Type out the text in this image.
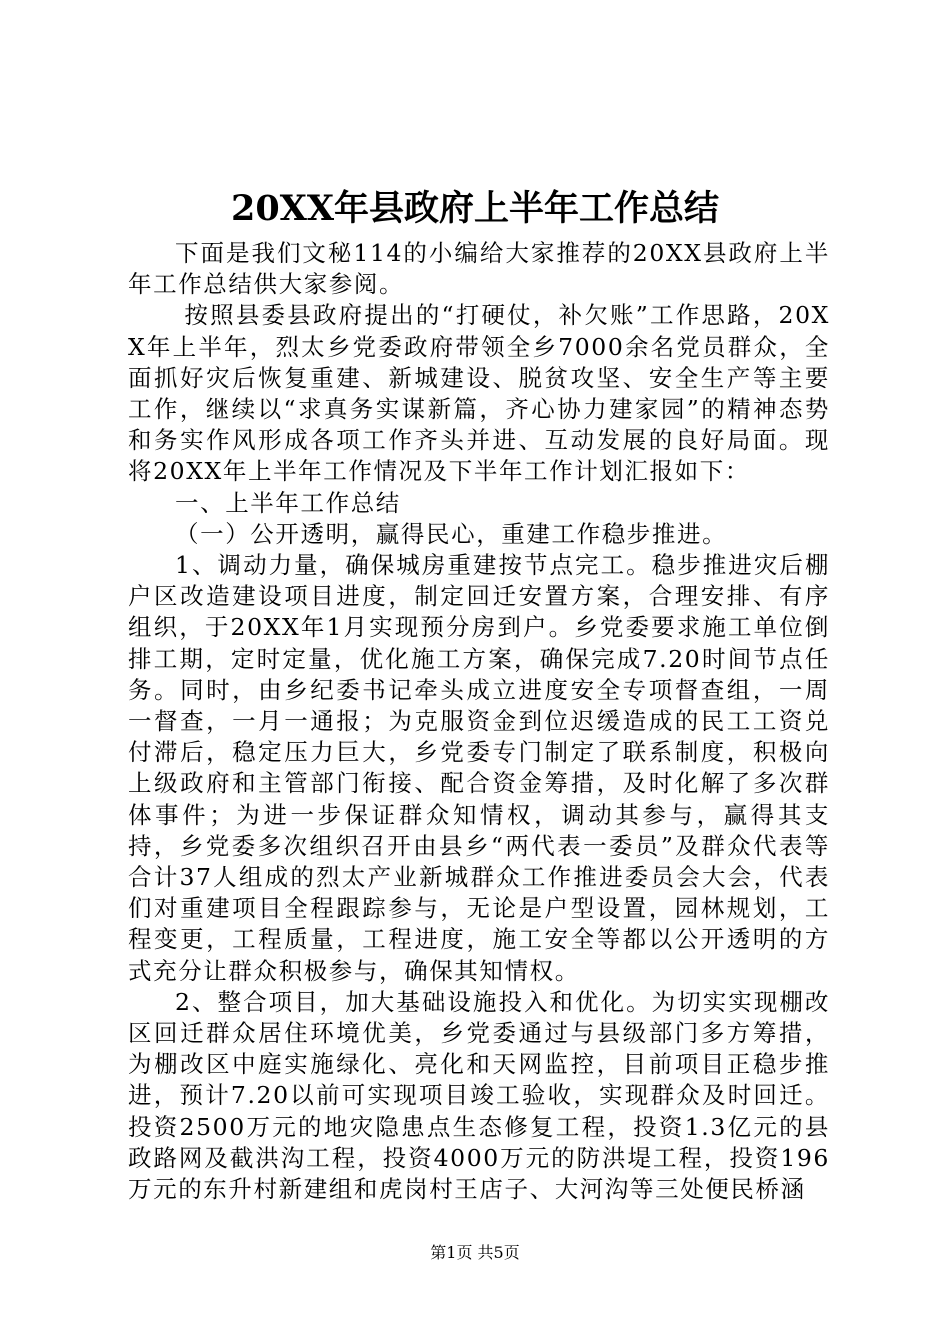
20XX年县政府上半年工作总结

下面是我们文秘114的小编给大家推荐的20XX县政府上半年工作总结供大家参阅。

按照县委县政府提出的“打硬仗，补欠账”工作思路，20XX年上半年，烈太乡党委政府带领全乡7000余名党员群众，全面抓好灾后恢复重建、新城建设、脱贫攻坚、安全生产等主要工作，继续以“求真务实谋新篇，齐心协力建家园”的精神态势和务实作风形成各项工作齐头并进、互动发展的良好局面。现将20XX年上半年工作情况及下半年工作计划汇报如下：

一、上半年工作总结

（一）公开透明，赢得民心，重建工作稳步推进。

1、调动力量，确保城房重建按节点完工。稳步推进灾后棚户区改造建设项目进度，制定回迁安置方案，合理安排、有序组织，于20XX年1月实现预分房到户。乡党委要求施工单位倒排工期，定时定量，优化施工方案，确保完成7.20时间节点任务。同时，由乡纪委书记牵头成立进度安全专项督查组，一周一督查，一月一通报；为克服资金到位迟缓造成的民工工资兑付滞后，稳定压力巨大，乡党委专门制定了联系制度，积极向上级政府和主管部门衔接、配合资金筹措，及时化解了多次群体事件；为进一步保证群众知情权，调动其参与，赢得其支持，乡党委多次组织召开由县乡“两代表一委员”及群众代表等合计37人组成的烈太产业新城群众工作推进委员会大会，代表们对重建项目全程跟踪参与，无论是户型设置，园林规划，工程变更，工程质量，工程进度，施工安全等都以公开透明的方式充分让群众积极参与，确保其知情权。

2、整合项目，加大基础设施投入和优化。为切实实现棚改区回迁群众居住环境优美，乡党委通过与县级部门多方筹措，为棚改区中庭实施绿化、亮化和天网监控，目前项目正稳步推进，预计7.20以前可实现项目竣工验收，实现群众及时回迁。投资2500万元的地灾隐患点生态修复工程，投资1.3亿元的县政路网及截洪沟工程，投资4000万元的防洪堤工程，投资196万元的东升村新建组和虎岗村王店子、大河沟等三处便民桥涵

第1页 共5页
